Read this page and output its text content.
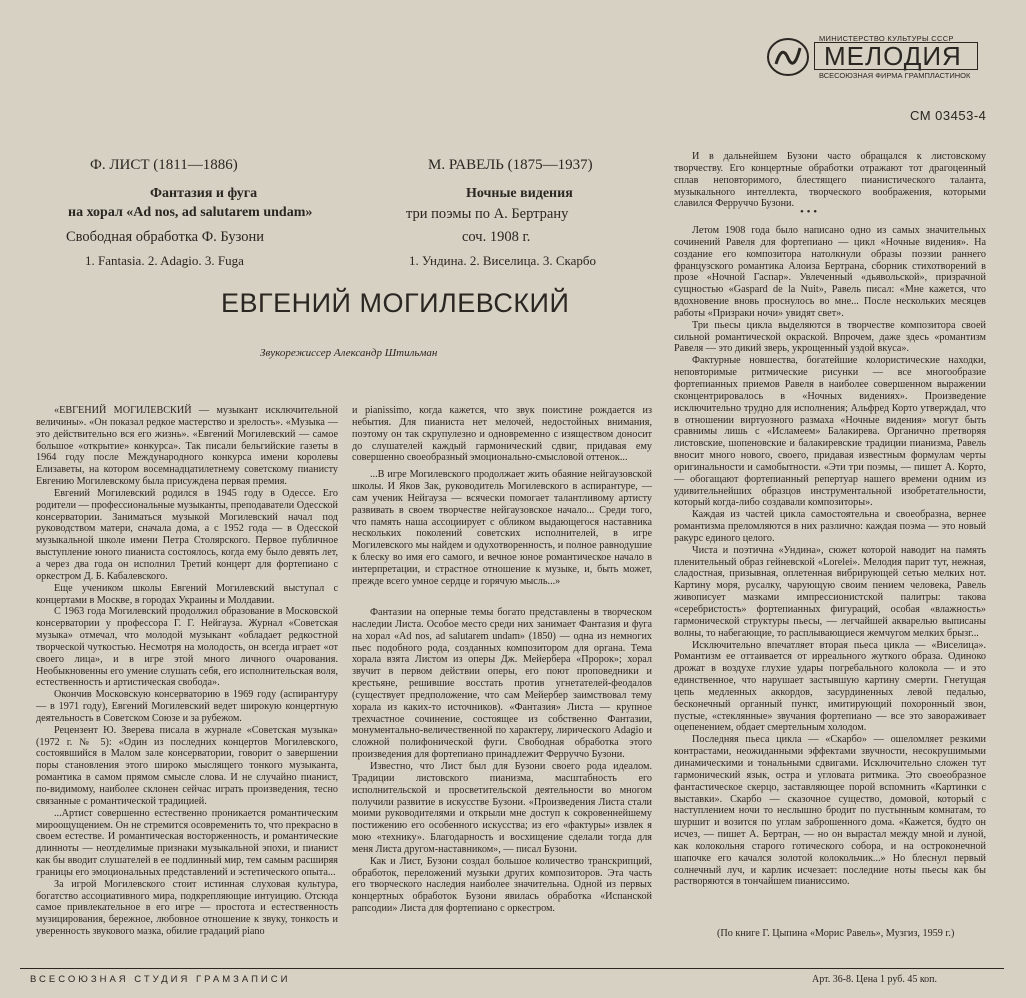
МИНИСТЕРСТВО КУЛЬТУРЫ СССР
МЕЛОДИЯ
ВСЕСОЮЗНАЯ ФИРМА ГРАМПЛАСТИНОК
СМ 03453-4
Ф. ЛИСТ (1811—1886)
Фантазия и фуга
на хорал «Ad nos, ad salutarem undam»
Свободная обработка Ф. Бузони
1. Fantasia. 2. Adagio. 3. Fuga
М. РАВЕЛЬ (1875—1937)
Ночные видения
три поэмы по А. Бертрану
соч. 1908 г.
1. Ундина. 2. Виселица. 3. Скарбо
ЕВГЕНИЙ МОГИЛЕВСКИЙ
Звукорежиссер Александр Штильман

«ЕВГЕНИЙ МОГИЛЕВСКИЙ — музыкант исключительной величины». «Он показал редкое мастерство и зрелость». «Музыка — это действительно вся его жизнь». «Евгений Могилевский — самое большое «открытие» конкурса». Так писали бельгийские газеты в 1964 году после Международного конкурса имени королевы Елизаветы, на котором восемнадцатилетнему советскому пианисту Евгению Могилевскому была присуждена первая премия.

Евгений Могилевский родился в 1945 году в Одессе. Его родители — профессиональные музыканты, преподаватели Одесской консерватории. Заниматься музыкой Могилевский начал под руководством матери, сначала дома, а с 1952 года — в Одесской музыкальной школе имени Петра Столярского. Первое публичное выступление юного пианиста состоялось, когда ему было девять лет, а через два года он исполнил Третий концерт для фортепиано с оркестром Д. Б. Кабалевского.

Еще учеником школы Евгений Могилевский выступал с концертами в Москве, в городах Украины и Молдавии.

С 1963 года Могилевский продолжил образование в Московской консерватории у профессора Г. Г. Нейгауза. Журнал «Советская музыка» отмечал, что молодой музыкант «обладает редкостной творческой чуткостью. Несмотря на молодость, он всегда играет «от своего лица», и в игре этой много личного очарования. Необыкновенны его умение слушать себя, его исполнительская воля, естественность и артистическая свобода».

Окончив Московскую консерваторию в 1969 году (аспирантуру — в 1971 году), Евгений Могилевский ведет широкую концертную деятельность в Советском Союзе и за рубежом.

Рецензент Ю. Зверева писала в журнале «Советская музыка» (1972 г. № 5): «Один из последних концертов Могилевского, состоявшийся в Малом зале консерватории, говорит о завершении поры становления этого широко мыслящего тонкого музыканта, романтика в самом прямом смысле слова. И не случайно пианист, по-видимому, наиболее склонен сейчас играть произведения, тесно связанные с романтической традицией.

...Артист совершенно естественно проникается романтическим мироощущением. Он не стремится осовременить то, что прекрасно в своем естестве. И романтическая восторженность, и романтические длинноты — неотделимые признаки музыкальной эпохи, и пианист как бы вводит слушателей в ее подлинный мир, тем самым расширяя границы его эмоциональных представлений и эстетического опыта...

За игрой Могилевского стоит истинная слуховая культура, богатство ассоциативного мира, подкрепляющие интуицию. Отсюда самое привлекательное в его игре — простота и естественность музицирования, бережное, любовное отношение к звуку, тонкость и уверенность звукового мазка, обилие градаций piano

и pianissimo, когда кажется, что звук поистине рождается из небытия. Для пианиста нет мелочей, недостойных внимания, поэтому он так скрупулезно и одновременно с изяществом доносит до слушателей каждый гармонический сдвиг, придавая ему совершенно своеобразный эмоционально-смысловой оттенок...

...В игре Могилевского продолжает жить обаяние нейгаузовской школы. И Яков Зак, руководитель Могилевского в аспирантуре, — сам ученик Нейгауза — всячески помогает талантливому артисту развивать в своем творчестве нейгаузовское начало... Среди того, что память наша ассоциирует с обликом выдающегося наставника нескольких поколений советских исполнителей, в игре Могилевского мы найдем и одухотворенность, и полное равнодушие к блеску во имя его самого, и вечное юное романтическое начало в интерпретации, и страстное отношение к музыке, и, быть может, прежде всего умное сердце и горячую мысль...»

Фантазии на оперные темы богато представлены в творческом наследии Листа. Особое место среди них занимает Фантазия и фуга на хорал «Ad nos, ad salutarem undam» (1850) — одна из немногих пьес подобного рода, созданных композитором для органа. Тема хорала взята Листом из оперы Дж. Мейербера «Пророк»; хорал звучит в первом действии оперы, его поют проповедники и крестьяне, решившие восстать против угнетателей-феодалов (существует предположение, что сам Мейербер заимствовал тему хорала из каких-то источников). «Фантазия» Листа — крупное трехчастное сочинение, состоящее из собственно Фантазии, монументально-величественной по характеру, лирического Adagio и сложной полифонической фуги. Свободная обработка этого произведения для фортепиано принадлежит Ферруччо Бузони.

Известно, что Лист был для Бузони своего рода идеалом. Традиции листовского пианизма, масштабность его исполнительской и просветительской деятельности во многом получили развитие в искусстве Бузони. «Произведения Листа стали моими руководителями и открыли мне доступ к сокровеннейшему постижению его особенного искусства; из его «фактуры» извлек я мою «технику». Благодарность и восхищение сделали тогда для меня Листа другом-наставником», — писал Бузони.

Как и Лист, Бузони создал большое количество транскрипций, обработок, переложений музыки других композиторов. Эта часть его творческого наследия наиболее значительна. Одной из первых концертных обработок Бузони явилась обработка «Испанской рапсодии» Листа для фортепиано с оркестром.

И в дальнейшем Бузони часто обращался к листовскому творчеству. Его концертные обработки отражают тот драгоценный сплав неповторимого, блестящего пианистического таланта, музыкального интеллекта, творческого воображения, которыми славился Ферруччо Бузони.

• • •

Летом 1908 года было написано одно из самых значительных сочинений Равеля для фортепиано — цикл «Ночные видения». На создание его композитора натолкнули образы поэзии раннего французского романтика Алоиза Бертрана, сборник стихотворений в прозе «Ночной Гаспар». Увлеченный «дьявольской», призрачной сущностью «Gaspard de la Nuit», Равель писал: «Мне кажется, что вдохновение вновь проснулось во мне... После нескольких месяцев работы «Призраки ночи» увидят свет».

Три пьесы цикла выделяются в творчестве композитора своей сильной романтической окраской. Впрочем, даже здесь «романтизм Равеля — это дикий зверь, укрощенный уздой вкуса».

Фактурные новшества, богатейшие колористические находки, неповторимые ритмические рисунки — все многообразие фортепианных приемов Равеля в наиболее совершенном выражении сконцентрировалось в «Ночных видениях». Произведение исключительно трудно для исполнения; Альфред Корто утверждал, что в отношении виртуозного размаха «Ночные видения» могут быть сравнимы лишь с «Исламеем» Балакирева. Органично претворяя листовские, шопеновские и балакиревские традиции пианизма, Равель вносит много нового, своего, придавая известным формулам черты оригинальности и самобытности. «Эти три поэмы, — пишет А. Корто, — обогащают фортепианный репертуар нашего времени одним из удивительнейших образцов инструментальной изобретательности, который когда-либо создавали композиторы».

Каждая из частей цикла самостоятельна и своеобразна, вернее романтизма преломляются в них различно: каждая поэма — это новый ракурс единого целого.

Чиста и поэтична «Ундина», сюжет которой наводит на память пленительный образ гейневской «Lorelei». Мелодия парит тут, нежная, сладостная, призывная, оплетенная вибрирующей сетью мелких нот. Картину моря, русалку, чарующую своим пением человека, Равель живописует мазками импрессионистской палитры: такова «серебристость» фортепианных фигураций, особая «влажность» гармонической структуры пьесы, — легчайшей акварелью выписаны волны, то набегающие, то расплывающиеся жемчугом мелких брызг...

Исключительно впечатляет вторая пьеса цикла — «Виселица». Романтизм ее оттаивается от ирреального жуткого образа. Одиноко дрожат в воздухе глухие удары погребального колокола — и это единственное, что нарушает застывшую картину смерти. Гнетущая цепь медленных аккордов, засурдиненных левой педалью, бесконечный органный пункт, имитирующий похоронный звон, пустые, «стеклянные» звучания фортепиано — все это завораживает оцепенением, обдает смертельным холодом.

Последняя пьеса цикла — «Скарбо» — ошеломляет резкими контрастами, неожиданными эффектами звучности, несокрушимыми динамическими и тональными сдвигами. Исключительно сложен тут гармонический язык, остра и угловата ритмика. Это своеобразное фантастическое скерцо, заставляющее порой вспомнить «Картинки с выставки». Скарбо — сказочное существо, домовой, который с наступлением ночи то неслышно бродит по пустынным комнатам, то шуршит и возится по углам заброшенного дома. «Кажется, будто он исчез, — пишет А. Бертран, — но он вырастал между мной и луной, как колокольня старого готического собора, и на остроконечной шапочке его качался золотой колокольчик...» Но блеснул первый солнечный луч, и карлик исчезает: последние ноты пьесы как бы растворяются в тончайшем пианиссимо.

(По книге Г. Цыпина «Морис Равель», Музгиз, 1959 г.)
ВСЕСОЮЗНАЯ СТУДИЯ ГРАМЗАПИСИ	Арт. 36-8. Цена 1 руб. 45 коп.
